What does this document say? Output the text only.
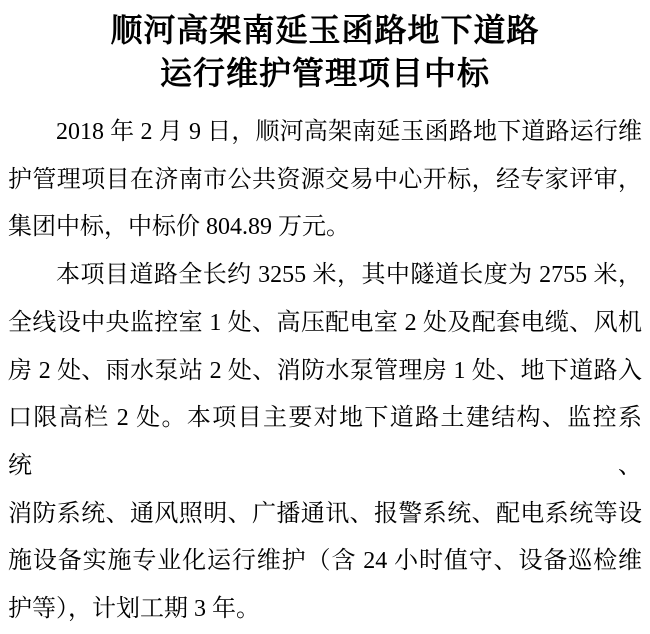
顺河高架南延玉函路地下道路
运行维护管理项目中标
2018 年 2 月 9 日，顺河高架南延玉函路地下道路运行维
护管理项目在济南市公共资源交易中心开标，经专家评审，
集团中标，中标价 804.89 万元。
本项目道路全长约 3255 米，其中隧道长度为 2755 米，
全线设中央监控室 1 处、高压配电室 2 处及配套电缆、风机
房 2 处、雨水泵站 2 处、消防水泵管理房 1 处、地下道路入
口限高栏 2 处。本项目主要对地下道路土建结构、监控系统、
消防系统、通风照明、广播通讯、报警系统、配电系统等设
施设备实施专业化运行维护（含 24 小时值守、设备巡检维
护等），计划工期 3 年。
